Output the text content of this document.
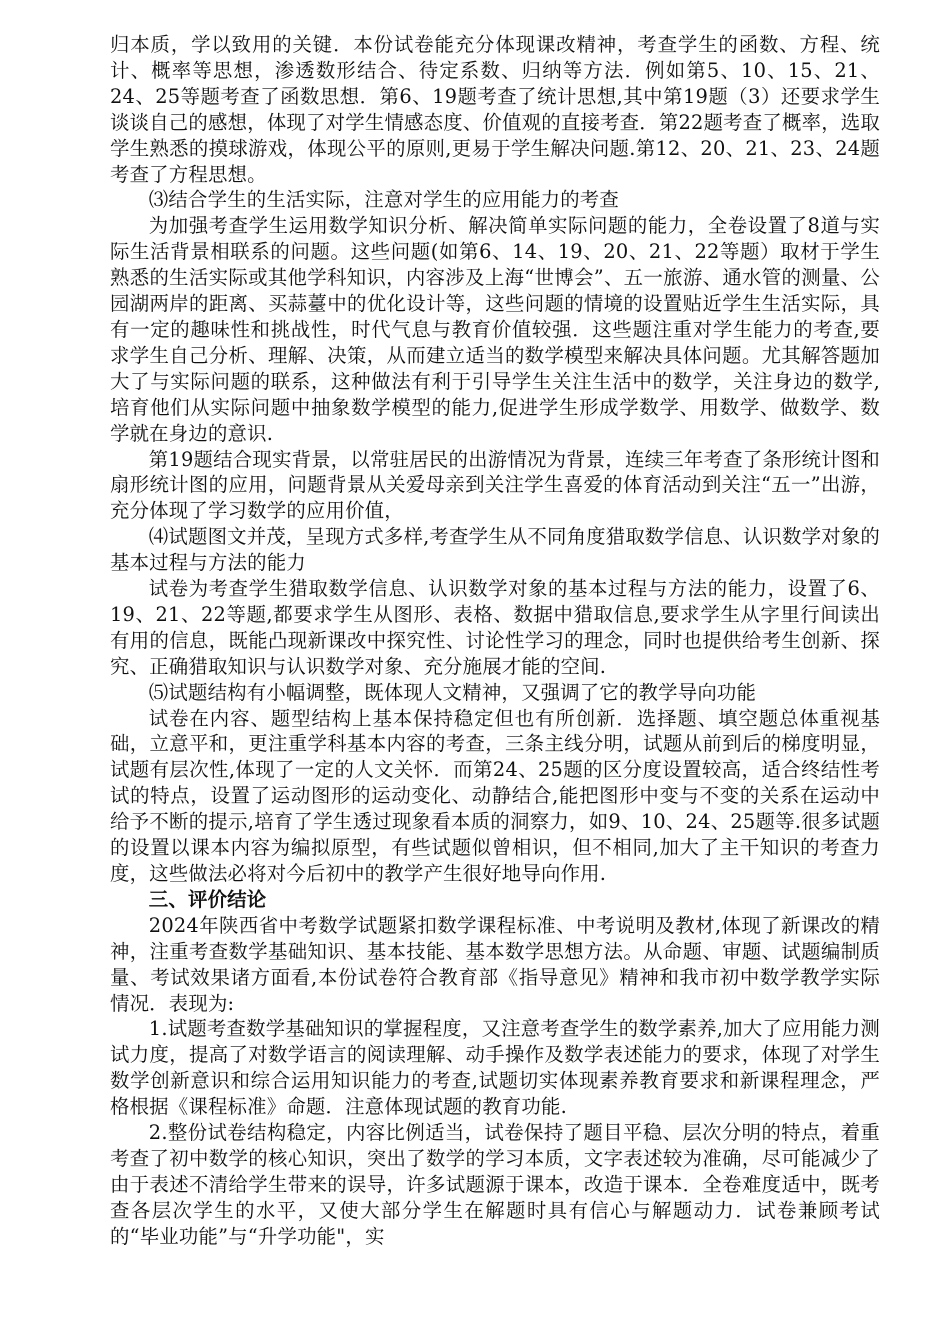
归本质，学以致用的关键．本份试卷能充分体现课改精神，考查学生的函数、方程、统计、概率等思想，渗透数形结合、待定系数、归纳等方法．例如第5、10、15、21、24、25等题考查了函数思想．第6、19题考查了统计思想,其中第19题（3）还要求学生谈谈自己的感想，体现了对学生情感态度、价值观的直接考查．第22题考查了概率，选取学生熟悉的摸球游戏，体现公平的原则,更易于学生解决问题.第12、20、21、23、24题考查了方程思想。

⑶结合学生的生活实际，注意对学生的应用能力的考查

为加强考查学生运用数学知识分析、解决简单实际问题的能力，全卷设置了8道与实际生活背景相联系的问题。这些问题(如第6、14、19、20、21、22等题）取材于学生熟悉的生活实际或其他学科知识，内容涉及上海“世博会”、五一旅游、通水管的测量、公园湖两岸的距离、买蒜薹中的优化设计等，这些问题的情境的设置贴近学生生活实际，具有一定的趣味性和挑战性，时代气息与教育价值较强．这些题注重对学生能力的考查,要求学生自己分析、理解、决策，从而建立适当的数学模型来解决具体问题。尤其解答题加大了与实际问题的联系，这种做法有利于引导学生关注生活中的数学，关注身边的数学,培育他们从实际问题中抽象数学模型的能力,促进学生形成学数学、用数学、做数学、数学就在身边的意识.

第19题结合现实背景，以常驻居民的出游情况为背景，连续三年考查了条形统计图和扇形统计图的应用，问题背景从关爱母亲到关注学生喜爱的体育活动到关注“五一”出游，充分体现了学习数学的应用价值，

⑷试题图文并茂，呈现方式多样,考查学生从不同角度猎取数学信息、认识数学对象的基本过程与方法的能力

试卷为考查学生猎取数学信息、认识数学对象的基本过程与方法的能力，设置了6、19、21、22等题,都要求学生从图形、表格、数据中猎取信息,要求学生从字里行间读出有用的信息，既能凸现新课改中探究性、讨论性学习的理念，同时也提供给考生创新、探究、正确猎取知识与认识数学对象、充分施展才能的空间.

⑸试题结构有小幅调整，既体现人文精神，又强调了它的教学导向功能

试卷在内容、题型结构上基本保持稳定但也有所创新．选择题、填空题总体重视基础，立意平和，更注重学科基本内容的考查，三条主线分明，试题从前到后的梯度明显，试题有层次性,体现了一定的人文关怀．而第24、25题的区分度设置较高，适合终结性考试的特点，设置了运动图形的运动变化、动静结合,能把图形中变与不变的关系在运动中给予不断的提示,培育了学生透过现象看本质的洞察力，如9、10、24、25题等.很多试题的设置以课本内容为编拟原型，有些试题似曾相识，但不相同,加大了主干知识的考查力度，这些做法必将对今后初中的教学产生很好地导向作用.

三、评价结论

2024年陕西省中考数学试题紧扣数学课程标准、中考说明及教材,体现了新课改的精神，注重考查数学基础知识、基本技能、基本数学思想方法。从命题、审题、试题编制质量、考试效果诸方面看,本份试卷符合教育部《指导意见》精神和我市初中数学教学实际情况．表现为:

1.试题考查数学基础知识的掌握程度，又注意考查学生的数学素养,加大了应用能力测试力度，提高了对数学语言的阅读理解、动手操作及数学表述能力的要求，体现了对学生数学创新意识和综合运用知识能力的考查,试题切实体现素养教育要求和新课程理念，严格根据《课程标准》命题．注意体现试题的教育功能.

2.整份试卷结构稳定，内容比例适当，试卷保持了题目平稳、层次分明的特点，着重考查了初中数学的核心知识，突出了数学的学习本质，文字表述较为准确，尽可能减少了由于表述不清给学生带来的误导，许多试题源于课本，改造于课本．全卷难度适中，既考查各层次学生的水平，又使大部分学生在解题时具有信心与解题动力．试卷兼顾考试的“毕业功能”与“升学功能"，实
